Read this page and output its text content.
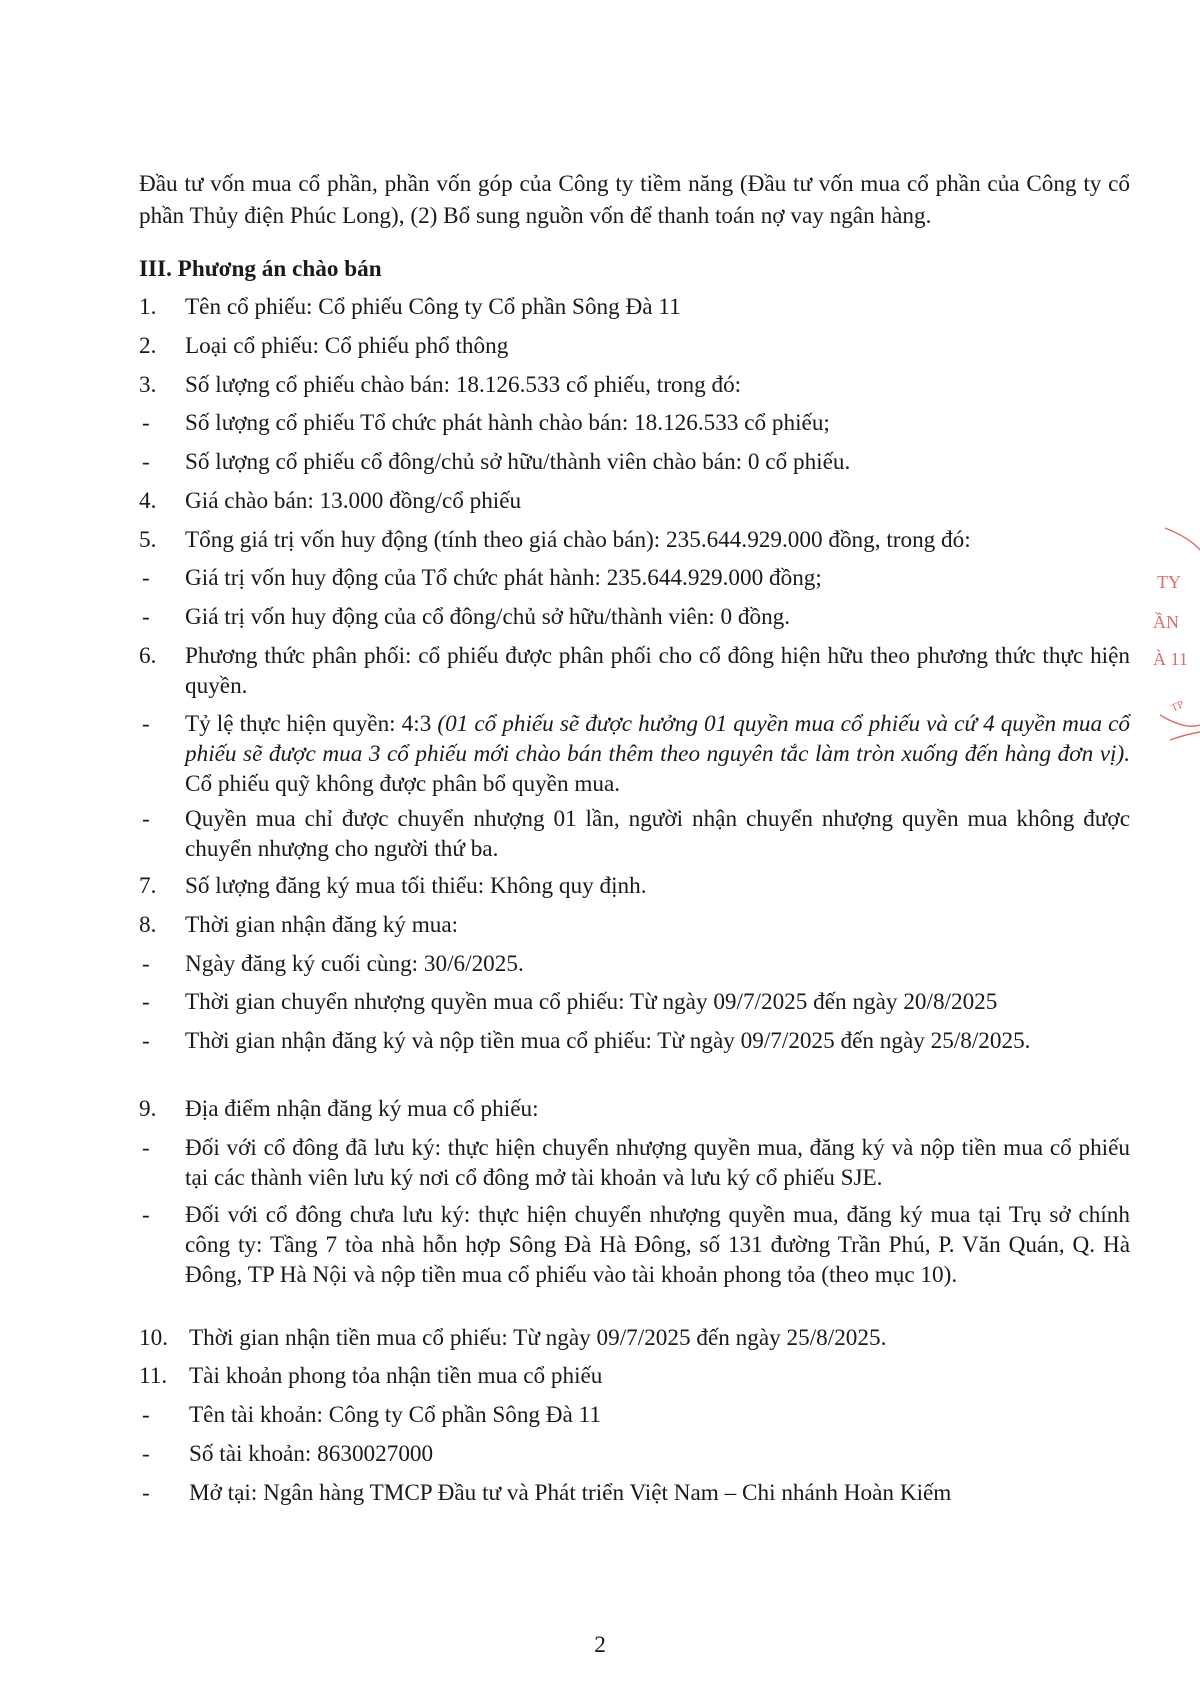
Đầu tư vốn mua cổ phần, phần vốn góp của Công ty tiềm năng (Đầu tư vốn mua cổ phần của Công ty cổ phần Thủy điện Phúc Long), (2) Bổ sung nguồn vốn để thanh toán nợ vay ngân hàng.
III. Phương án chào bán
1. Tên cổ phiếu: Cổ phiếu Công ty Cổ phần Sông Đà 11
2. Loại cổ phiếu: Cổ phiếu phổ thông
3. Số lượng cổ phiếu chào bán: 18.126.533 cổ phiếu, trong đó:
- Số lượng cổ phiếu Tổ chức phát hành chào bán: 18.126.533 cổ phiếu;
- Số lượng cổ phiếu cổ đông/chủ sở hữu/thành viên chào bán: 0 cổ phiếu.
4. Giá chào bán: 13.000 đồng/cổ phiếu
5. Tổng giá trị vốn huy động (tính theo giá chào bán): 235.644.929.000 đồng, trong đó:
- Giá trị vốn huy động của Tổ chức phát hành: 235.644.929.000 đồng;
- Giá trị vốn huy động của cổ đông/chủ sở hữu/thành viên: 0 đồng.
6. Phương thức phân phối: cổ phiếu được phân phối cho cổ đông hiện hữu theo phương thức thực hiện quyền.
- Tỷ lệ thực hiện quyền: 4:3 (01 cổ phiếu sẽ được hưởng 01 quyền mua cổ phiếu và cứ 4 quyền mua cổ phiếu sẽ được mua 3 cổ phiếu mới chào bán thêm theo nguyên tắc làm tròn xuống đến hàng đơn vị). Cổ phiếu quỹ không được phân bổ quyền mua.
- Quyền mua chỉ được chuyển nhượng 01 lần, người nhận chuyển nhượng quyền mua không được chuyển nhượng cho người thứ ba.
7. Số lượng đăng ký mua tối thiểu: Không quy định.
8. Thời gian nhận đăng ký mua:
- Ngày đăng ký cuối cùng: 30/6/2025.
- Thời gian chuyển nhượng quyền mua cổ phiếu: Từ ngày 09/7/2025 đến ngày 20/8/2025
- Thời gian nhận đăng ký và nộp tiền mua cổ phiếu: Từ ngày 09/7/2025 đến ngày 25/8/2025.
9. Địa điểm nhận đăng ký mua cổ phiếu:
- Đối với cổ đông đã lưu ký: thực hiện chuyển nhượng quyền mua, đăng ký và nộp tiền mua cổ phiếu tại các thành viên lưu ký nơi cổ đông mở tài khoản và lưu ký cổ phiếu SJE.
- Đối với cổ đông chưa lưu ký: thực hiện chuyển nhượng quyền mua, đăng ký mua tại Trụ sở chính công ty: Tầng 7 tòa nhà hỗn hợp Sông Đà Hà Đông, số 131 đường Trần Phú, P. Văn Quán, Q. Hà Đông, TP Hà Nội và nộp tiền mua cổ phiếu vào tài khoản phong tỏa (theo mục 10).
10. Thời gian nhận tiền mua cổ phiếu: Từ ngày 09/7/2025 đến ngày 25/8/2025.
11. Tài khoản phong tỏa nhận tiền mua cổ phiếu
- Tên tài khoản: Công ty Cổ phần Sông Đà 11
- Số tài khoản: 8630027000
- Mở tại: Ngân hàng TMCP Đầu tư và Phát triển Việt Nam – Chi nhánh Hoàn Kiếm
2
TY
ẦN
À 11
TP
